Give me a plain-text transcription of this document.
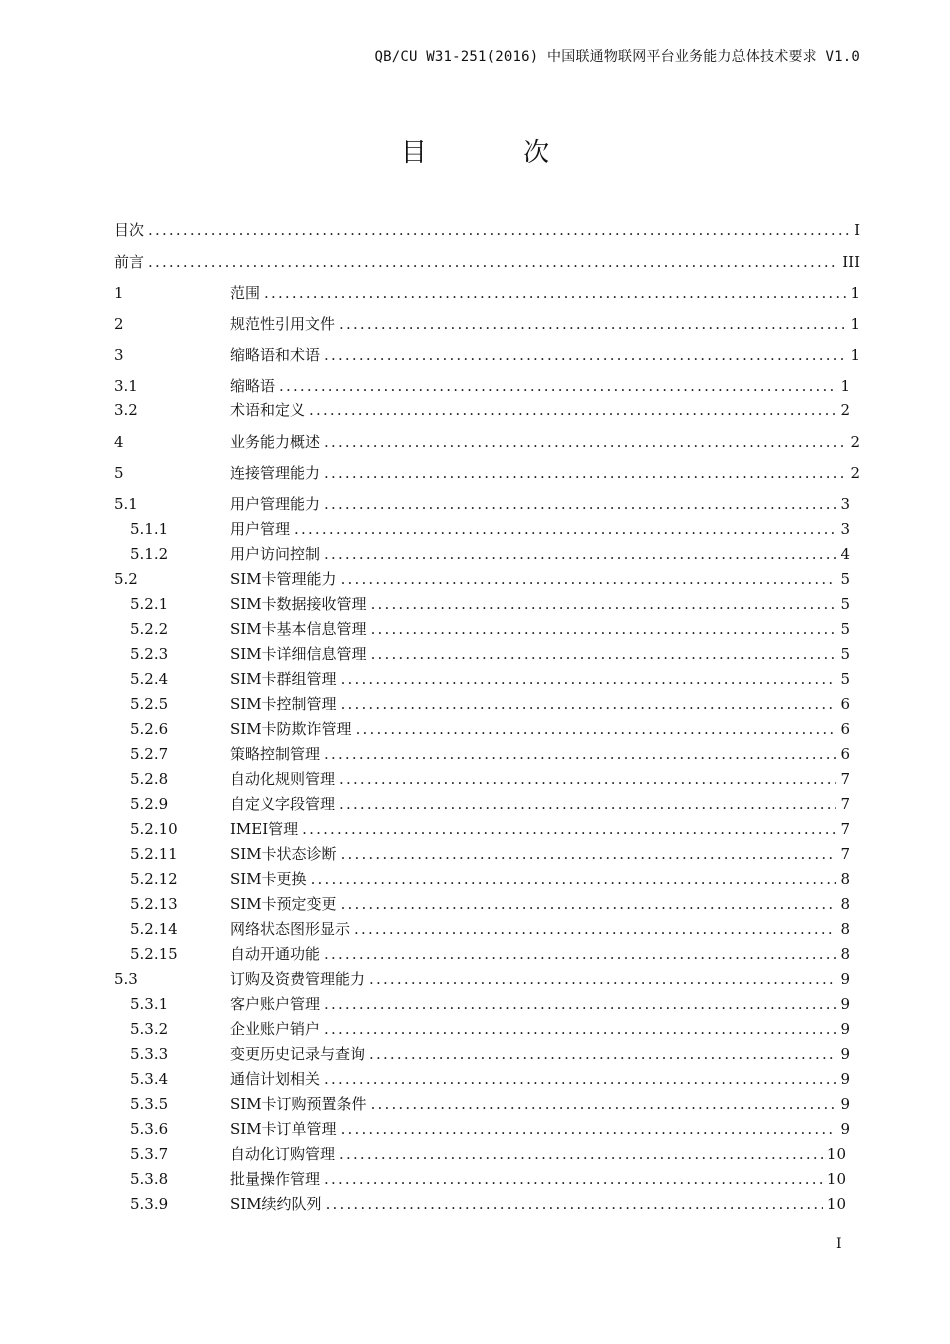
QB/CU W31-251(2016) 中国联通物联网平台业务能力总体技术要求 V1.0
目 次
目次 .....	I
前言 .....	III
1	范围 .....	1
2	规范性引用文件 .....	1
3	缩略语和术语 .....	1
3.1	缩略语 .....	1
3.2	术语和定义 .....	2
4	业务能力概述 .....	2
5	连接管理能力 .....	2
5.1	用户管理能力 .....	3
5.1.1	用户管理 .....	3
5.1.2	用户访问控制 .....	4
5.2	SIM卡管理能力 .....	5
5.2.1	SIM卡数据接收管理 .....	5
5.2.2	SIM卡基本信息管理 .....	5
5.2.3	SIM卡详细信息管理 .....	5
5.2.4	SIM卡群组管理 .....	5
5.2.5	SIM卡控制管理 .....	6
5.2.6	SIM卡防欺诈管理 .....	6
5.2.7	策略控制管理 .....	6
5.2.8	自动化规则管理 .....	7
5.2.9	自定义字段管理 .....	7
5.2.10	IMEI管理 .....	7
5.2.11	SIM卡状态诊断 .....	7
5.2.12	SIM卡更换 .....	8
5.2.13	SIM卡预定变更 .....	8
5.2.14	网络状态图形显示 .....	8
5.2.15	自动开通功能 .....	8
5.3	订购及资费管理能力 .....	9
5.3.1	客户账户管理 .....	9
5.3.2	企业账户销户 .....	9
5.3.3	变更历史记录与查询 .....	9
5.3.4	通信计划相关 .....	9
5.3.5	SIM卡订购预置条件 .....	9
5.3.6	SIM卡订单管理 .....	9
5.3.7	自动化订购管理 .....	10
5.3.8	批量操作管理 .....	10
5.3.9	SIM续约队列 .....	10
I
